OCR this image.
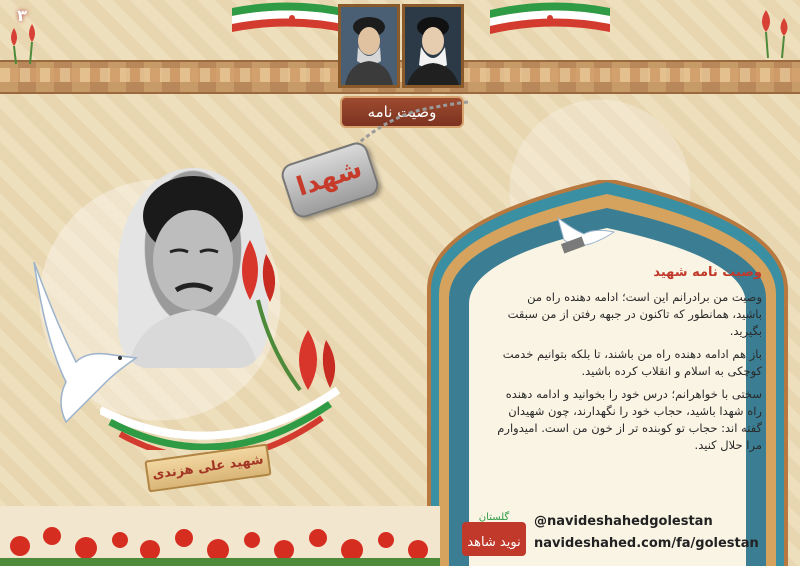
۳
وصیت نامه
شهدا
شهید علی هزندی
وصیت نامه شهید

وصیت من برادرانم این است؛ ادامه دهنده راه من باشید، همانطور که تاکنون در جبهه رفتن از من سبقت بگیرید.

باز هم ادامه دهنده راه من باشند، تا بلکه بتوانیم خدمت کوچکی به اسلام و انقلاب کرده باشید.

سختی با خواهرانم؛ درس خود را بخوانید و ادامه دهنده راه شهدا باشید، حجاب خود را نگهدارند، چون شهیدان گفته اند: حجاب تو کوبنده تر از خون من است. امیدوارم مرا حلال کنید.

گلستان
نوید شاهد
@navideshahedgolestan
navideshahed.com/fa/golestan
